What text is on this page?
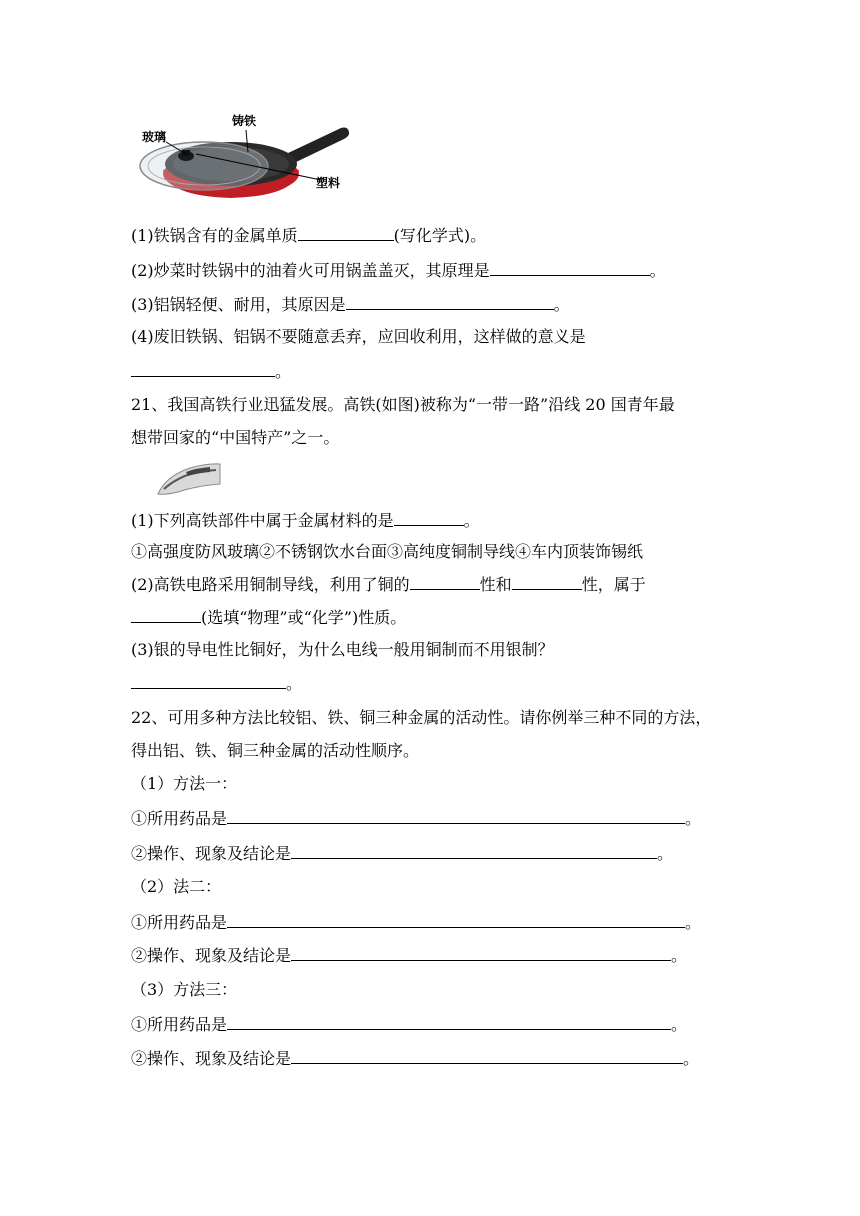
玻璃
铸铁
塑料
(1)铁锅含有的金属单质	(写化学式)。
(2)炒菜时铁锅中的油着火可用锅盖盖灭，其原理是	。
(3)铝锅轻便、耐用，其原因是	。
(4)废旧铁锅、铝锅不要随意丢弃，应回收利用，这样做的意义是
。
21、我国高铁行业迅猛发展。高铁(如图)被称为“一带一路”沿线 20 国青年最
想带回家的“中国特产”之一。
(1)下列高铁部件中属于金属材料的是	。
①高强度防风玻璃②不锈钢饮水台面③高纯度铜制导线④车内顶装饰锡纸
(2)高铁电路采用铜制导线，利用了铜的	性和	性，属于
(选填“物理”或“化学”)性质。
(3)银的导电性比铜好，为什么电线一般用铜制而不用银制？
。
22、可用多种方法比较铝、铁、铜三种金属的活动性。请你例举三种不同的方法，
得出铝、铁、铜三种金属的活动性顺序。
（1）方法一：
①所用药品是	。
②操作、现象及结论是	。
（2）法二：
①所用药品是	。
②操作、现象及结论是	。
（3）方法三：
①所用药品是	。
②操作、现象及结论是	。
